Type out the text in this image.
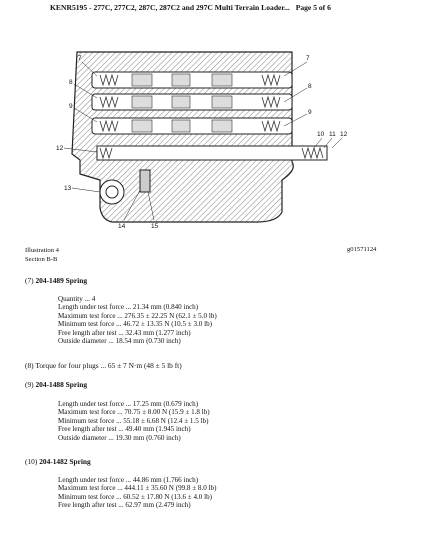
KENR5195 - 277C, 277C2, 287C, 287C2 and 297C Multi Terrain Loader... Page 5 of 6
7
8
7
9
8
9
12
10 11 12
13
14	15
Illustration 4
Section B-B
g01571124
(7) 204-1489 Spring
Quantity ... 4
Length under test force ... 21.34 mm (0.840 inch)
Maximum test force ... 276.35 ± 22.25 N (62.1 ± 5.0 lb)
Minimum test force ... 46.72 ± 13.35 N (10.5 ± 3.0 lb)
Free length after test ... 32.43 mm (1.277 inch)
Outside diameter ... 18.54 mm (0.730 inch)
(8) Torque for four plugs ... 65 ± 7 N·m (48 ± 5 lb ft)
(9) 204-1488 Spring
Length under test force ... 17.25 mm (0.679 inch)
Maximum test force ... 70.75 ± 8.00 N (15.9 ± 1.8 lb)
Minimum test force ... 55.18 ± 6.68 N (12.4 ± 1.5 lb)
Free length after test ... 49.40 mm (1.945 inch)
Outside diameter ... 19.30 mm (0.760 inch)
(10) 204-1482 Spring
Length under test force ... 44.86 mm (1.766 inch)
Maximum test force ... 444.11 ± 35.60 N (99.8 ± 8.0 lb)
Minimum test force ... 60.52 ± 17.80 N (13.6 ± 4.0 lb)
Free length after test ... 62.97 mm (2.479 inch)
